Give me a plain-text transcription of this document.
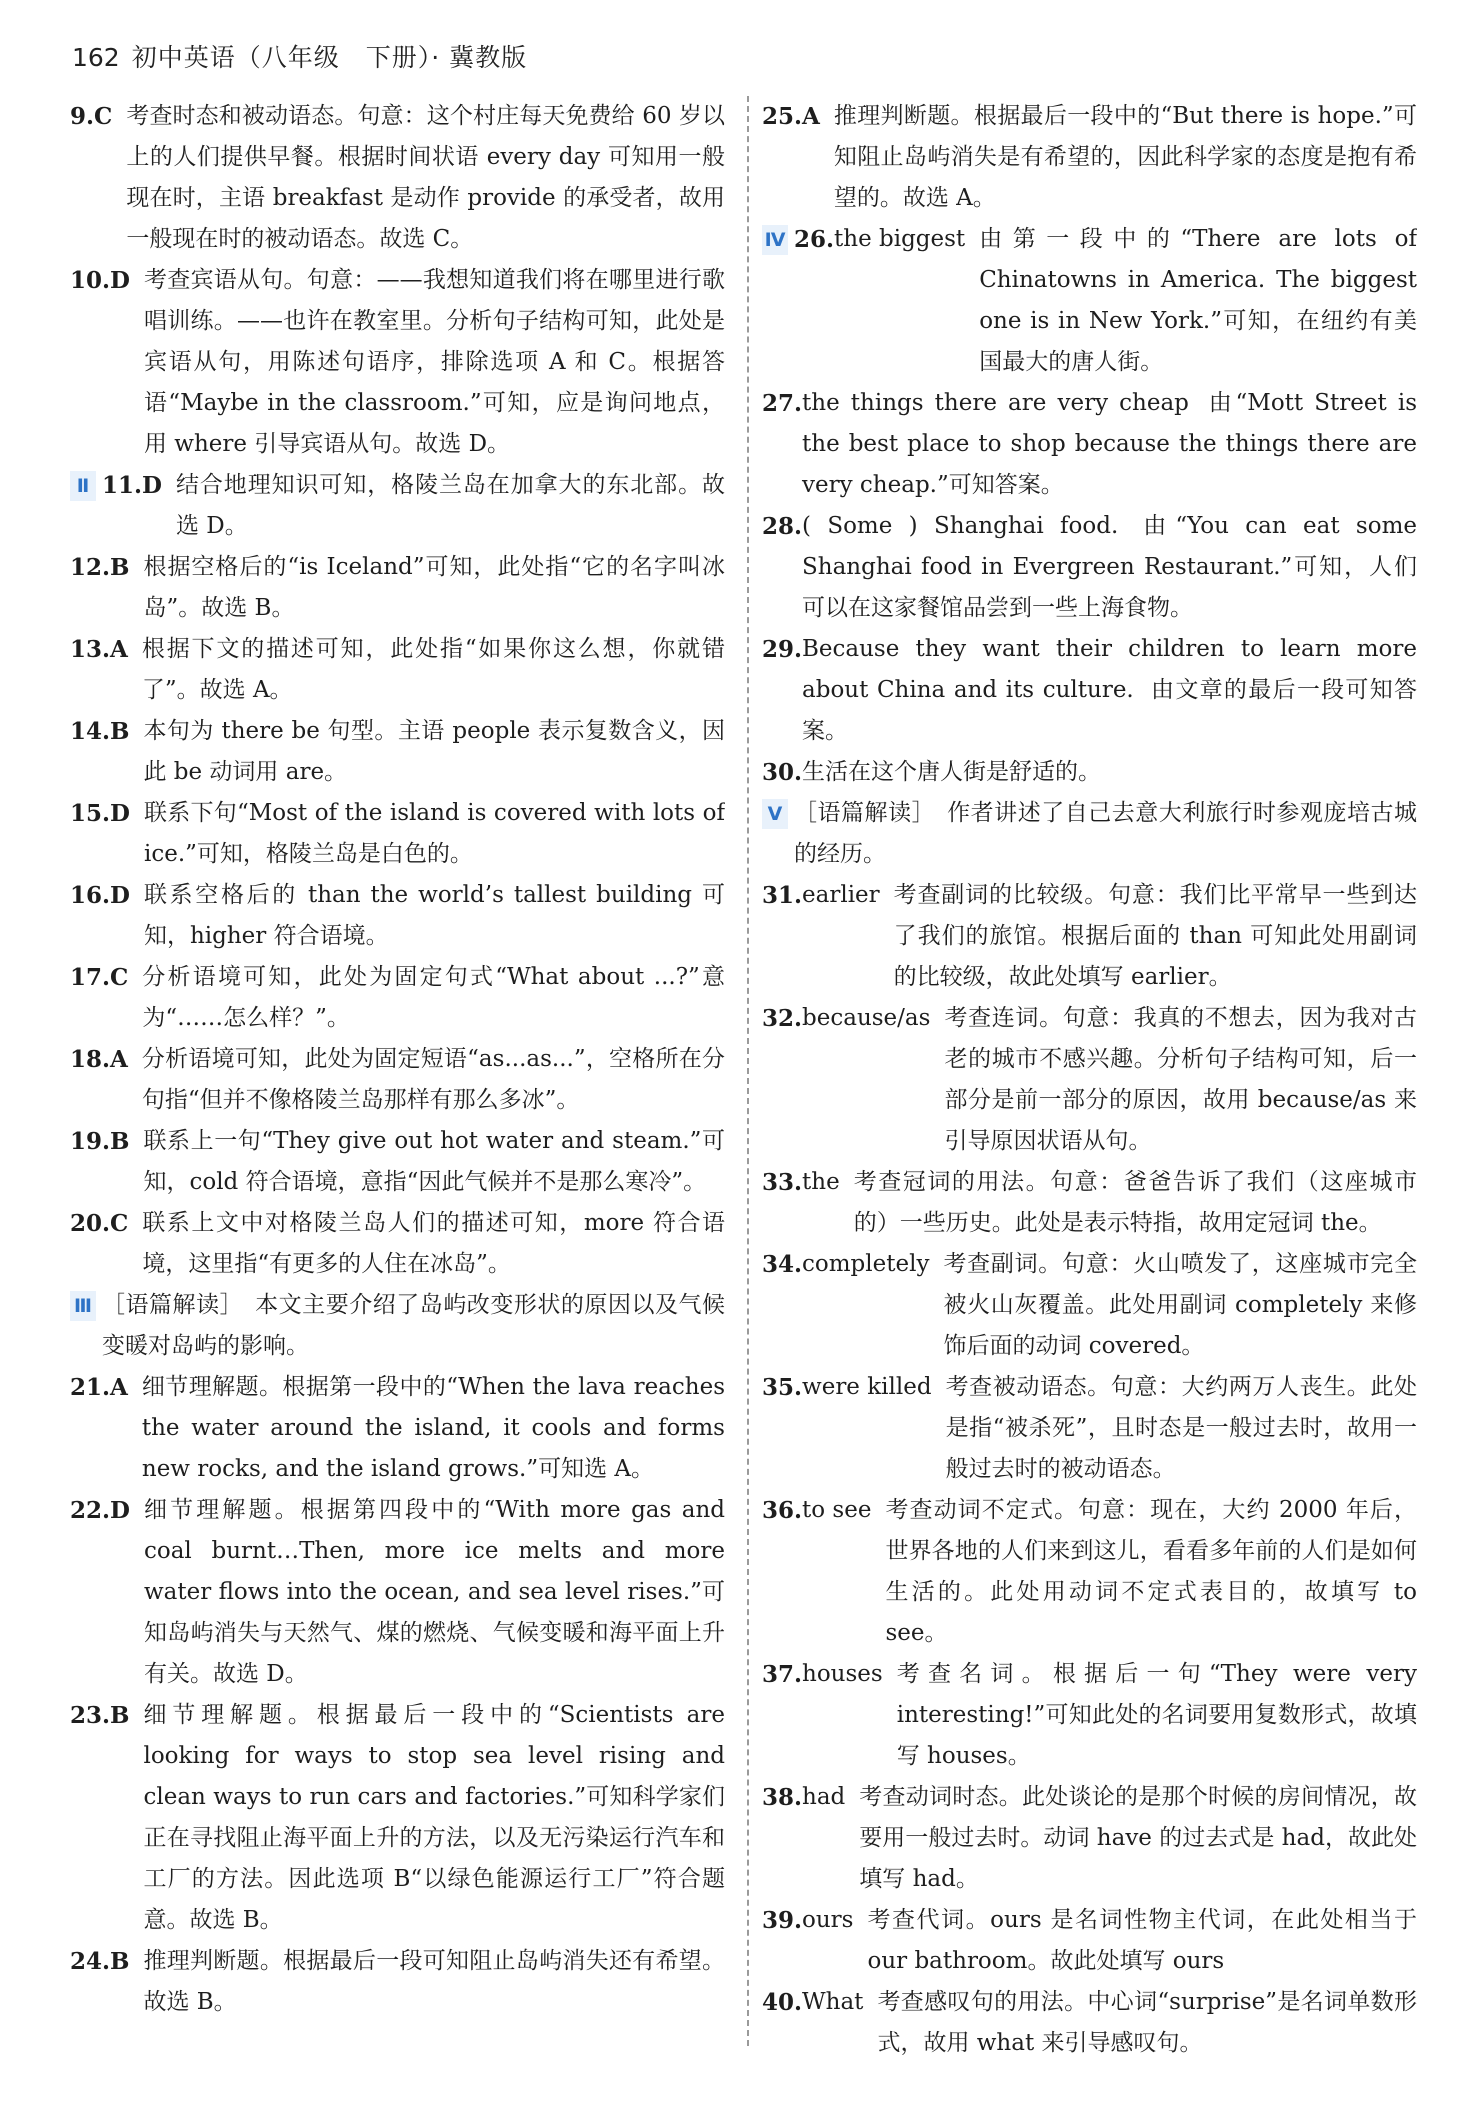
162 初中英语（八年级　下册）· 冀教版
9. C 考查时态和被动语态。句意：这个村庄每天免费给 60 岁以上的人们提供早餐。根据时间状语 every day 可知用一般现在时，主语 breakfast 是动作 provide 的承受者，故用一般现在时的被动语态。故选 C。
10. D 考查宾语从句。句意：——我想知道我们将在哪里进行歌唱训练。——也许在教室里。分析句子结构可知，此处是宾语从句，用陈述句语序，排除选项 A 和 C。根据答语“Maybe in the classroom.”可知，应是询问地点，用 where 引导宾语从句。故选 D。
Ⅱ 11. D 结合地理知识可知，格陵兰岛在加拿大的东北部。故选 D。
12. B 根据空格后的“is Iceland”可知，此处指“它的名字叫冰岛”。故选 B。
13. A 根据下文的描述可知，此处指“如果你这么想，你就错了”。故选 A。
14. B 本句为 there be 句型。主语 people 表示复数含义，因此 be 动词用 are。
15. D 联系下句“Most of the island is covered with lots of ice.”可知，格陵兰岛是白色的。
16. D 联系空格后的 than the world’s tallest building 可知，higher 符合语境。
17. C 分析语境可知，此处为固定句式“What about ...?”意为“……怎么样？”。
18. A 分析语境可知，此处为固定短语“as...as...”，空格所在分句指“但并不像格陵兰岛那样有那么多冰”。
19. B 联系上一句“They give out hot water and steam.”可知，cold 符合语境，意指“因此气候并不是那么寒冷”。
20. C 联系上文中对格陵兰岛人们的描述可知，more 符合语境，这里指“有更多的人住在冰岛”。
Ⅲ ［语篇解读］　本文主要介绍了岛屿改变形状的原因以及气候变暖对岛屿的影响。
21. A 细节理解题。根据第一段中的“When the lava reaches the water around the island, it cools and forms new rocks, and the island grows.”可知选 A。
22. D 细节理解题。根据第四段中的“With more gas and coal burnt…Then, more ice melts and more water flows into the ocean, and sea level rises.”可知岛屿消失与天然气、煤的燃烧、气候变暖和海平面上升有关。故选 D。
23. B 细节理解题。根据最后一段中的“Scientists are looking for ways to stop sea level rising and clean ways to run cars and factories.”可知科学家们正在寻找阻止海平面上升的方法，以及无污染运行汽车和工厂的方法。因此选项 B“以绿色能源运行工厂”符合题意。故选 B。
24. B 推理判断题。根据最后一段可知阻止岛屿消失还有希望。故选 B。
25. A 推理判断题。根据最后一段中的“But there is hope.”可知阻止岛屿消失是有希望的，因此科学家的态度是抱有希望的。故选 A。
Ⅳ 26. the biggest 由第一段中的“There are lots of Chinatowns in America. The biggest one is in New York.”可知，在纽约有美国最大的唐人街。
27. the things there are very cheap 由“Mott Street is the best place to shop because the things there are very cheap.”可知答案。
28. ( Some ) Shanghai food. 由“You can eat some Shanghai food in Evergreen Restaurant.”可知，人们可以在这家餐馆品尝到一些上海食物。
29. Because they want their children to learn more about China and its culture. 由文章的最后一段可知答案。
30. 生活在这个唐人街是舒适的。
Ⅴ ［语篇解读］　作者讲述了自己去意大利旅行时参观庞培古城的经历。
31. earlier 考查副词的比较级。句意：我们比平常早一些到达了我们的旅馆。根据后面的 than 可知此处用副词的比较级，故此处填写 earlier。
32. because/as 考查连词。句意：我真的不想去，因为我对古老的城市不感兴趣。分析句子结构可知，后一部分是前一部分的原因，故用 because/as 来引导原因状语从句。
33. the 考查冠词的用法。句意：爸爸告诉了我们（这座城市的）一些历史。此处是表示特指，故用定冠词 the。
34. completely 考查副词。句意：火山喷发了，这座城市完全被火山灰覆盖。此处用副词 completely 来修饰后面的动词 covered。
35. were killed 考查被动语态。句意：大约两万人丧生。此处是指“被杀死”，且时态是一般过去时，故用一般过去时的被动语态。
36. to see 考查动词不定式。句意：现在，大约 2000 年后，世界各地的人们来到这儿，看看多年前的人们是如何生活的。此处用动词不定式表目的，故填写 to see。
37. houses 考查名词。根据后一句“They were very interesting!”可知此处的名词要用复数形式，故填写 houses。
38. had 考查动词时态。此处谈论的是那个时候的房间情况，故要用一般过去时。动词 have 的过去式是 had，故此处填写 had。
39. ours 考查代词。ours 是名词性物主代词，在此处相当于 our bathroom。故此处填写 ours
40. What 考查感叹句的用法。中心词“surprise”是名词单数形式，故用 what 来引导感叹句。
